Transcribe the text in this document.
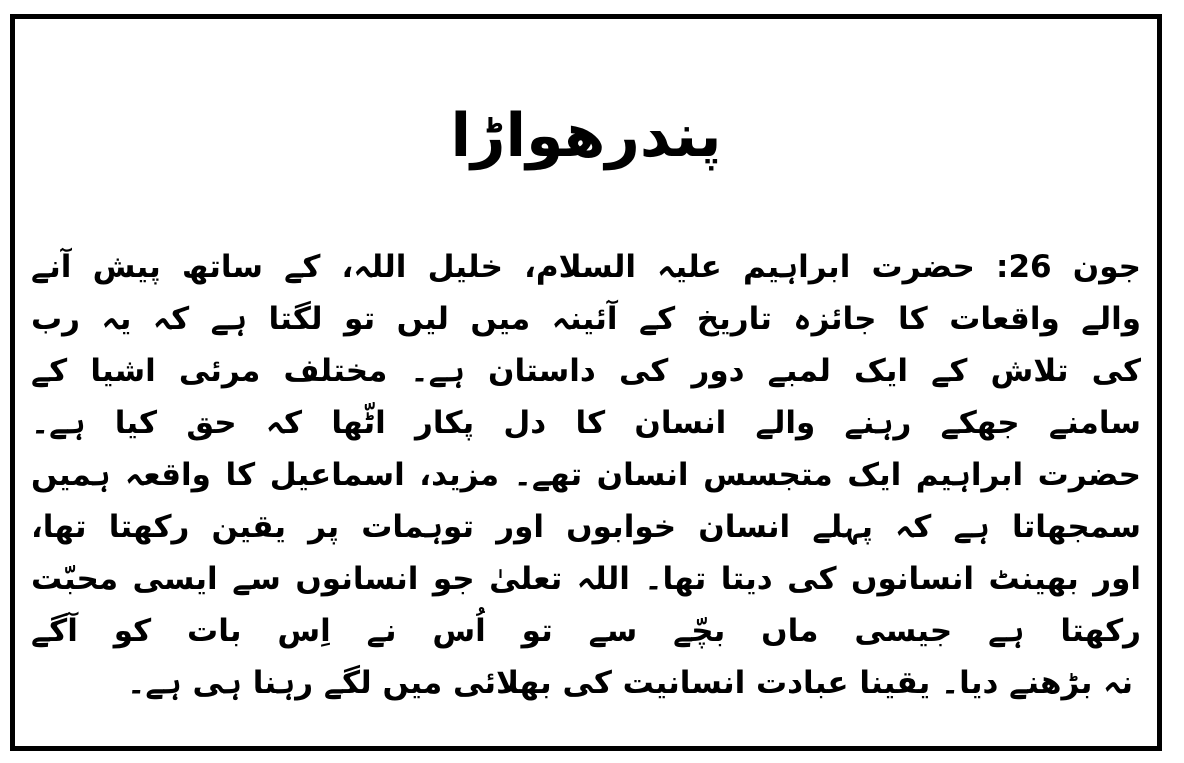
پندرھواڑا
جون 26: حضرت ابراہیم علیہ السلام، خلیل اللہ، کے ساتھ پیش آنے
والے واقعات کا جائزہ تاریخ کے آئینہ میں لیں تو لگتا ہے کہ یہ رب
کی تلاش کے ایک لمبے دور کی داستان ہے۔ مختلف مرئی اشیا کے
سامنے جھکے رہنے والے انسان کا دل پکار اٹّھا کہ حق کیا ہے۔
حضرت ابراہیم ایک متجسس انسان تھے۔ مزید، اسماعیل کا واقعہ ہمیں
سمجھاتا ہے کہ پہلے انسان خوابوں اور توہمات پر یقین رکھتا تھا،
اور بھینٹ انسانوں کی دیتا تھا۔ اللہ تعلیٰ جو انسانوں سے ایسی محبّت
رکھتا ہے جیسی ماں بچّے سے تو اُس نے اِس بات کو آگے
نہ بڑھنے دیا۔ یقینا عبادت انسانیت کی بھلائی میں لگے رہنا ہی ہے۔
